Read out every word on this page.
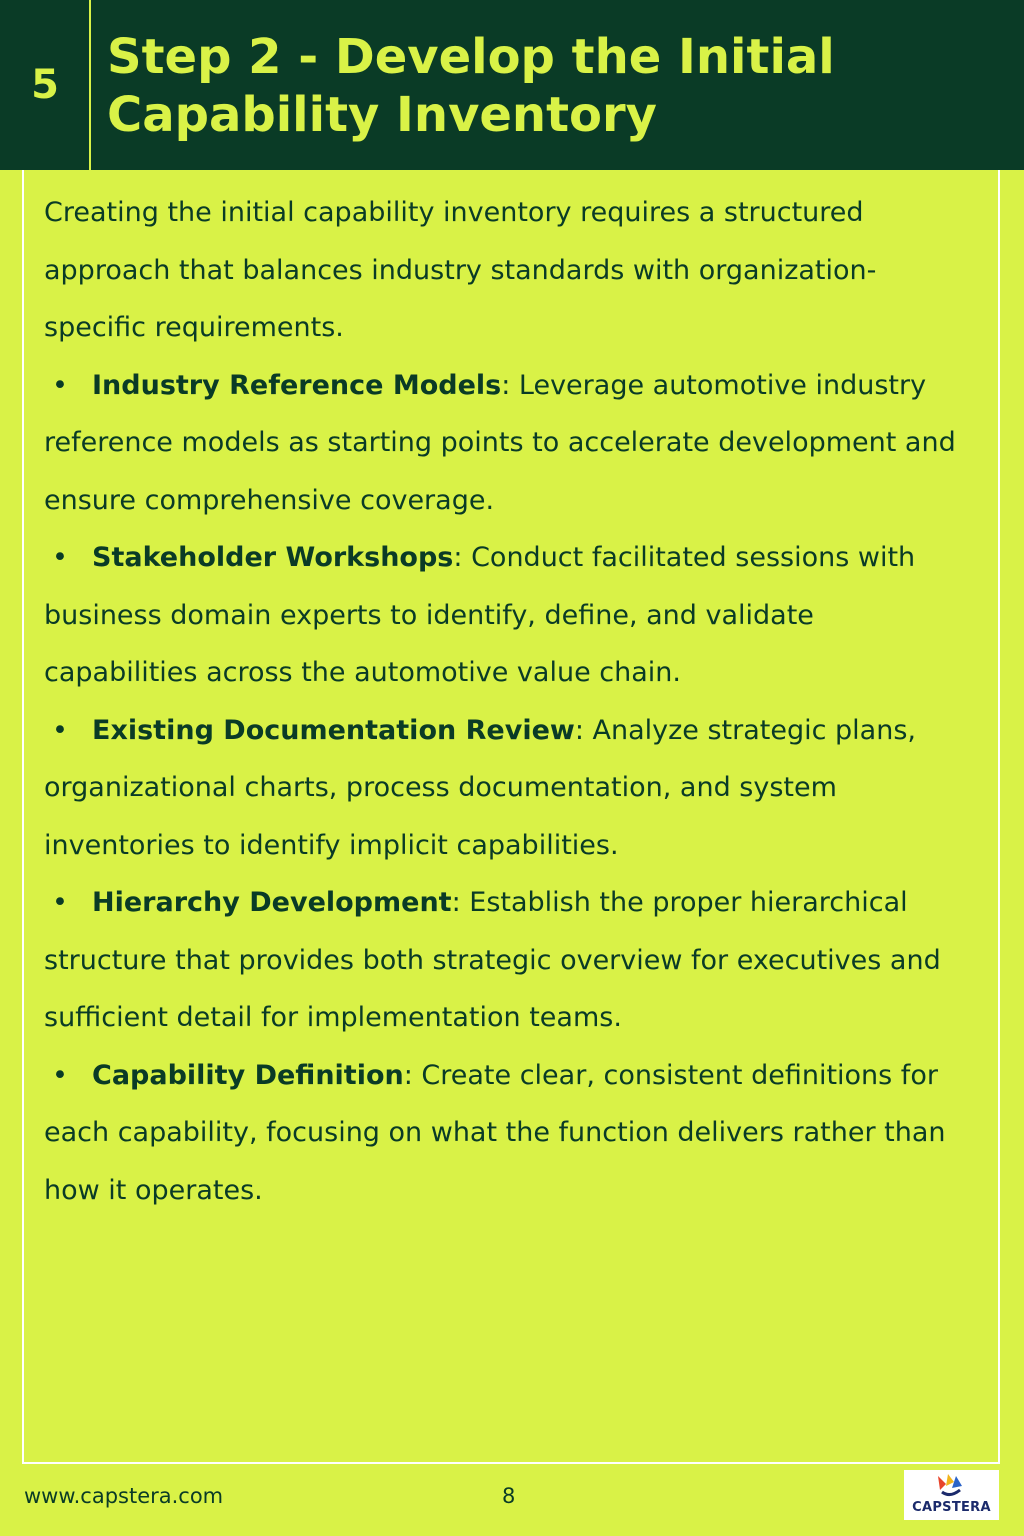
5	Step 2 - Develop the Initial
Capability Inventory

Creating the initial capability inventory requires a structured approach that balances industry standards with organization-specific requirements.

• Industry Reference Models: Leverage automotive industry reference models as starting points to accelerate development and ensure comprehensive coverage.
• Stakeholder Workshops: Conduct facilitated sessions with business domain experts to identify, define, and validate capabilities across the automotive value chain.
• Existing Documentation Review: Analyze strategic plans, organizational charts, process documentation, and system inventories to identify implicit capabilities.
• Hierarchy Development: Establish the proper hierarchical structure that provides both strategic overview for executives and sufficient detail for implementation teams.
• Capability Definition: Create clear, consistent definitions for each capability, focusing on what the function delivers rather than how it operates.
www.capstera.com	8	CAPSTERA
